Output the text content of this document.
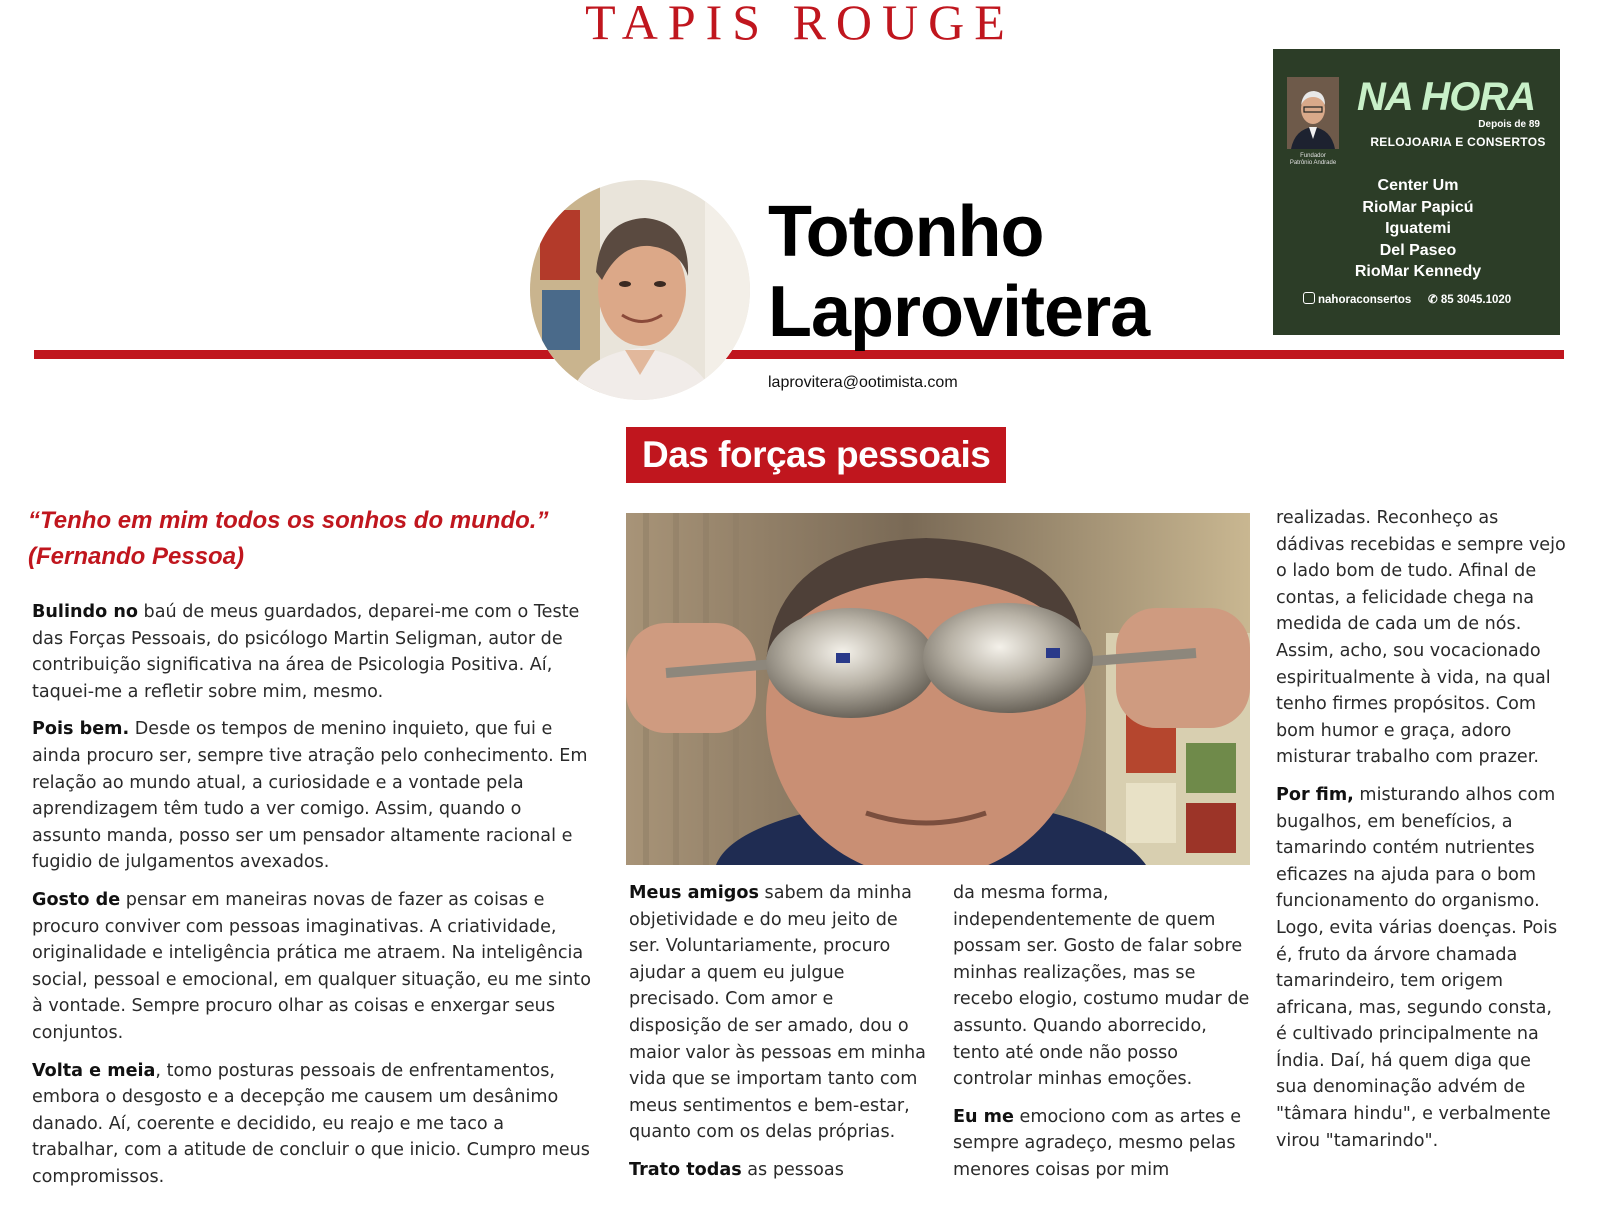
TAPIS ROUGE
Totonho
Laprovitera
laprovitera@ootimista.com
Fundador
Patrônio Andrade
NA HORA
Depois de 89
RELOJOARIA E CONSERTOS
Center Um
RioMar Papicú
Iguatemi
Del Paseo
RioMar Kennedy
nahoraconsertos ✆ 85 3045.1020
Das forças pessoais
“Tenho em mim todos os sonhos do mundo.”
(Fernando Pessoa)

Bulindo no baú de meus guardados, deparei-me com o Teste das Forças Pessoais, do psicólogo Martin Seligman, autor de contribuição significativa na área de Psicologia Positiva. Aí, taquei-me a refletir sobre mim, mesmo.

Pois bem. Desde os tempos de menino inquieto, que fui e ainda procuro ser, sempre tive atração pelo conhecimento. Em relação ao mundo atual, a curiosidade e a vontade pela aprendizagem têm tudo a ver comigo. Assim, quando o assunto manda, posso ser um pensador altamente racional e fugidio de julgamentos avexados.

Gosto de pensar em maneiras novas de fazer as coisas e procuro conviver com pessoas imaginativas. A criatividade, originalidade e inteligência prática me atraem. Na inteligência social, pessoal e emocional, em qualquer situação, eu me sinto à vontade. Sempre procuro olhar as coisas e enxergar seus conjuntos.

Volta e meia, tomo posturas pessoais de enfrentamentos, embora o desgosto e a decepção me causem um desânimo danado. Aí, coerente e decidido, eu reajo e me taco a trabalhar, com a atitude de concluir o que inicio. Cumpro meus compromissos.

Meus amigos sabem da minha objetividade e do meu jeito de ser. Voluntariamente, procuro ajudar a quem eu julgue precisado. Com amor e disposição de ser amado, dou o maior valor às pessoas em minha vida que se importam tanto com meus sentimentos e bem-estar, quanto com os delas próprias.

Trato todas as pessoas

da mesma forma, independentemente de quem possam ser. Gosto de falar sobre minhas realizações, mas se recebo elogio, costumo mudar de assunto. Quando aborrecido, tento até onde não posso controlar minhas emoções.

Eu me emociono com as artes e sempre agradeço, mesmo pelas menores coisas por mim

realizadas. Reconheço as dádivas recebidas e sempre vejo o lado bom de tudo. Afinal de contas, a felicidade chega na medida de cada um de nós. Assim, acho, sou vocacionado espiritualmente à vida, na qual tenho firmes propósitos. Com bom humor e graça, adoro misturar trabalho com prazer.

Por fim, misturando alhos com bugalhos, em benefícios, a tamarindo contém nutrientes eficazes na ajuda para o bom funcionamento do organismo. Logo, evita várias doenças. Pois é, fruto da árvore chamada tamarindeiro, tem origem africana, mas, segundo consta, é cultivado principalmente na Índia. Daí, há quem diga que sua denominação advém de "tâmara hindu", e verbalmente virou "tamarindo".
